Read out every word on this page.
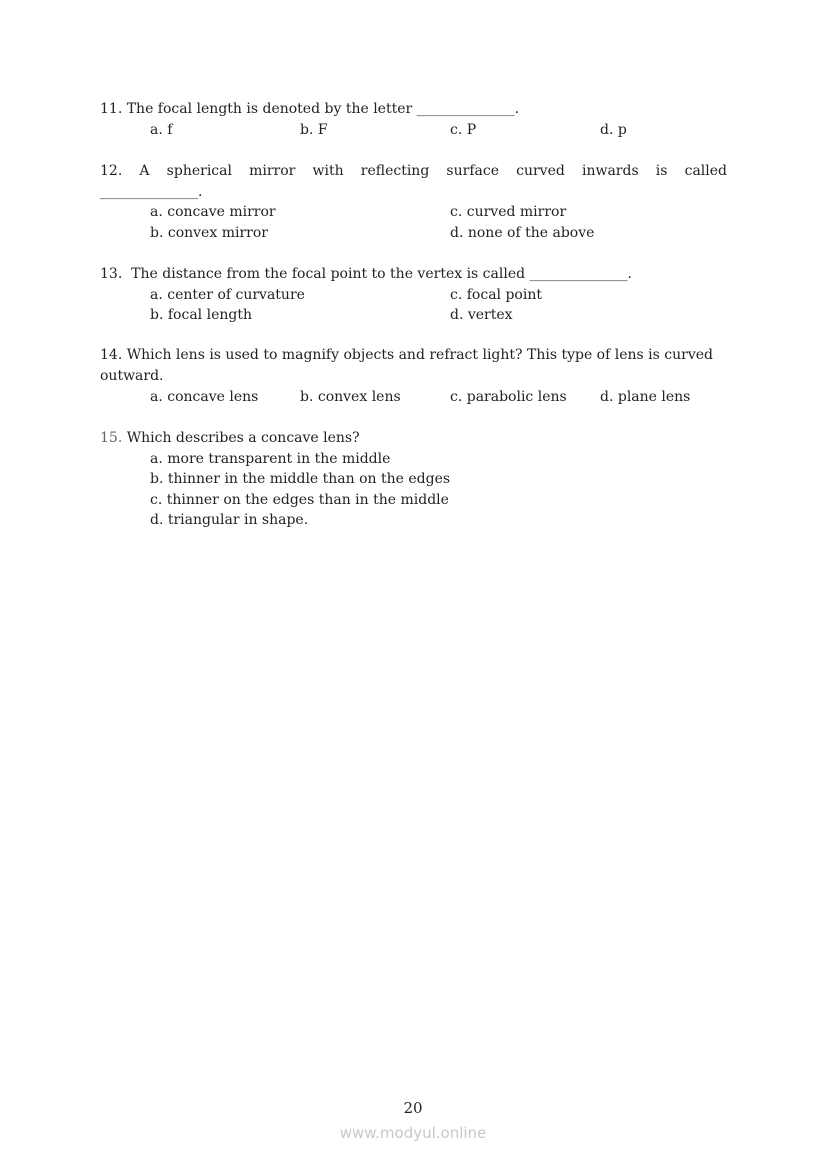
11. The focal length is denoted by the letter ______________.
a. f	b. F	c. P	d. p
12. A spherical mirror with reflecting surface curved inwards is called
______________.
a. concave mirror
b. convex mirror
c. curved mirror
d. none of the above
13. The distance from the focal point to the vertex is called ______________.
a. center of curvature
b. focal length
c. focal point
d. vertex
14. Which lens is used to magnify objects and refract light? This type of lens is curved
outward.
a. concave lens	b. convex lens	c. parabolic lens d. plane lens
15. Which describes a concave lens?
a. more transparent in the middle
b. thinner in the middle than on the edges
c. thinner on the edges than in the middle
d. triangular in shape.
20
www.modyul.online
